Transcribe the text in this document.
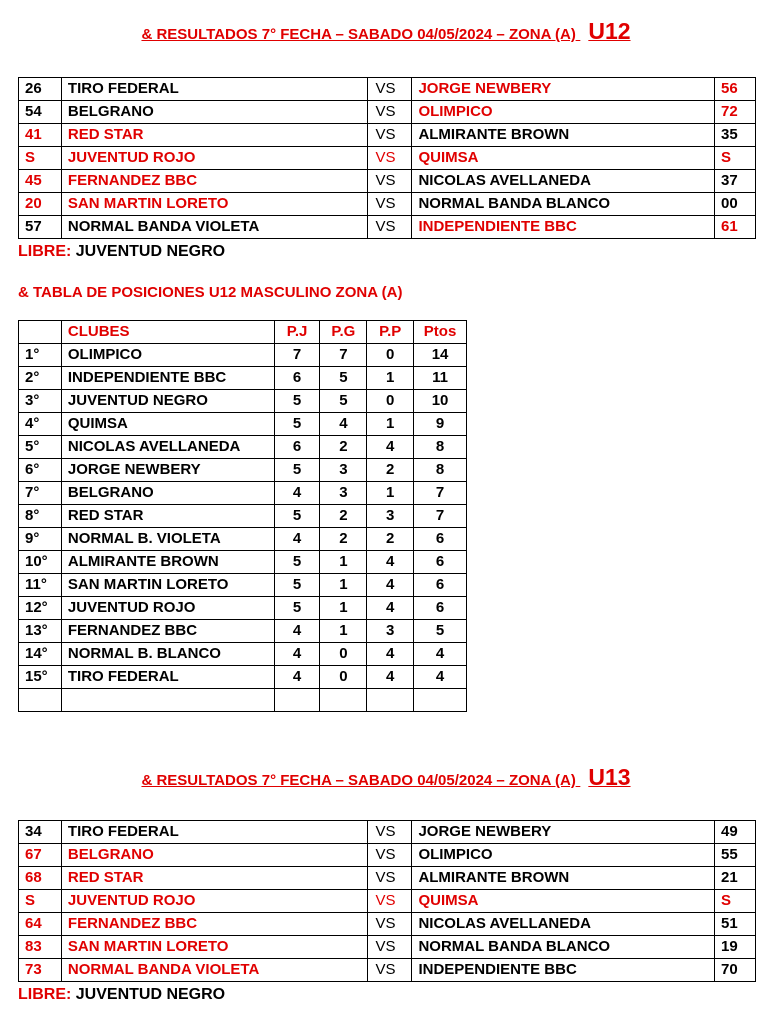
& RESULTADOS 7° FECHA – SABADO 04/05/2024 – ZONA (A) U12
26	TIRO FEDERAL	VS	JORGE NEWBERY	56
54	BELGRANO	VS	OLIMPICO	72
41	RED STAR	VS	ALMIRANTE BROWN	35
S	JUVENTUD ROJO	VS	QUIMSA	S
45	FERNANDEZ BBC	VS	NICOLAS AVELLANEDA	37
20	SAN MARTIN LORETO	VS	NORMAL BANDA BLANCO	00
57	NORMAL BANDA VIOLETA	VS	INDEPENDIENTE BBC	61
LIBRE: JUVENTUD NEGRO
& TABLA DE POSICIONES U12 MASCULINO ZONA (A)
	CLUBES	P.J	P.G	P.P	Ptos
1°	OLIMPICO	7	7	0	14
2°	INDEPENDIENTE BBC	6	5	1	11
3°	JUVENTUD NEGRO	5	5	0	10
4°	QUIMSA	5	4	1	9
5°	NICOLAS AVELLANEDA	6	2	4	8
6°	JORGE NEWBERY	5	3	2	8
7°	BELGRANO	4	3	1	7
8°	RED STAR	5	2	3	7
9°	NORMAL B. VIOLETA	4	2	2	6
10°	ALMIRANTE BROWN	5	1	4	6
11°	SAN MARTIN LORETO	5	1	4	6
12°	JUVENTUD ROJO	5	1	4	6
13°	FERNANDEZ BBC	4	1	3	5
14°	NORMAL B. BLANCO	4	0	4	4
15°	TIRO FEDERAL	4	0	4	4

& RESULTADOS 7° FECHA – SABADO 04/05/2024 – ZONA (A) U13
34	TIRO FEDERAL	VS	JORGE NEWBERY	49
67	BELGRANO	VS	OLIMPICO	55
68	RED STAR	VS	ALMIRANTE BROWN	21
S	JUVENTUD ROJO	VS	QUIMSA	S
64	FERNANDEZ BBC	VS	NICOLAS AVELLANEDA	51
83	SAN MARTIN LORETO	VS	NORMAL BANDA BLANCO	19
73	NORMAL BANDA VIOLETA	VS	INDEPENDIENTE BBC	70
LIBRE: JUVENTUD NEGRO
